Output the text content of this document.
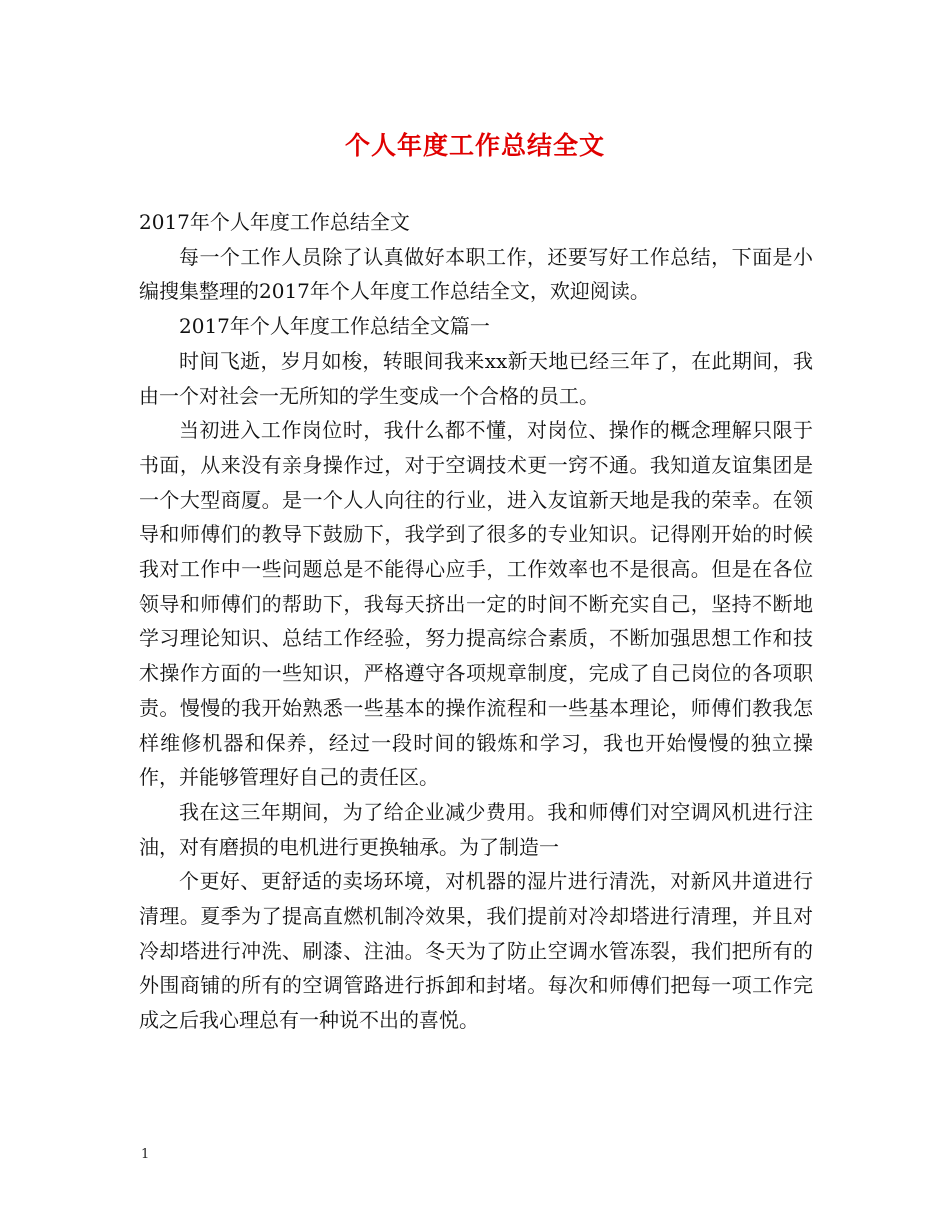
个人年度工作总结全文

2017年个人年度工作总结全文

每一个工作人员除了认真做好本职工作，还要写好工作总结，下面是小编搜集整理的2017年个人年度工作总结全文，欢迎阅读。

2017年个人年度工作总结全文篇一

时间飞逝，岁月如梭，转眼间我来xx新天地已经三年了，在此期间，我由一个对社会一无所知的学生变成一个合格的员工。

当初进入工作岗位时，我什么都不懂，对岗位、操作的概念理解只限于书面，从来没有亲身操作过，对于空调技术更一窍不通。我知道友谊集团是一个大型商厦。是一个人人向往的行业，进入友谊新天地是我的荣幸。在领导和师傅们的教导下鼓励下，我学到了很多的专业知识。记得刚开始的时候我对工作中一些问题总是不能得心应手，工作效率也不是很高。但是在各位领导和师傅们的帮助下，我每天挤出一定的时间不断充实自己，坚持不断地学习理论知识、总结工作经验，努力提高综合素质，不断加强思想工作和技术操作方面的一些知识，严格遵守各项规章制度，完成了自己岗位的各项职责。慢慢的我开始熟悉一些基本的操作流程和一些基本理论，师傅们教我怎样维修机器和保养，经过一段时间的锻炼和学习，我也开始慢慢的独立操作，并能够管理好自己的责任区。

我在这三年期间，为了给企业减少费用。我和师傅们对空调风机进行注油，对有磨损的电机进行更换轴承。为了制造一

个更好、更舒适的卖场环境，对机器的湿片进行清洗，对新风井道进行清理。夏季为了提高直燃机制冷效果，我们提前对冷却塔进行清理，并且对冷却塔进行冲洗、刷漆、注油。冬天为了防止空调水管冻裂，我们把所有的外围商铺的所有的空调管路进行拆卸和封堵。每次和师傅们把每一项工作完成之后我心理总有一种说不出的喜悦。

1
